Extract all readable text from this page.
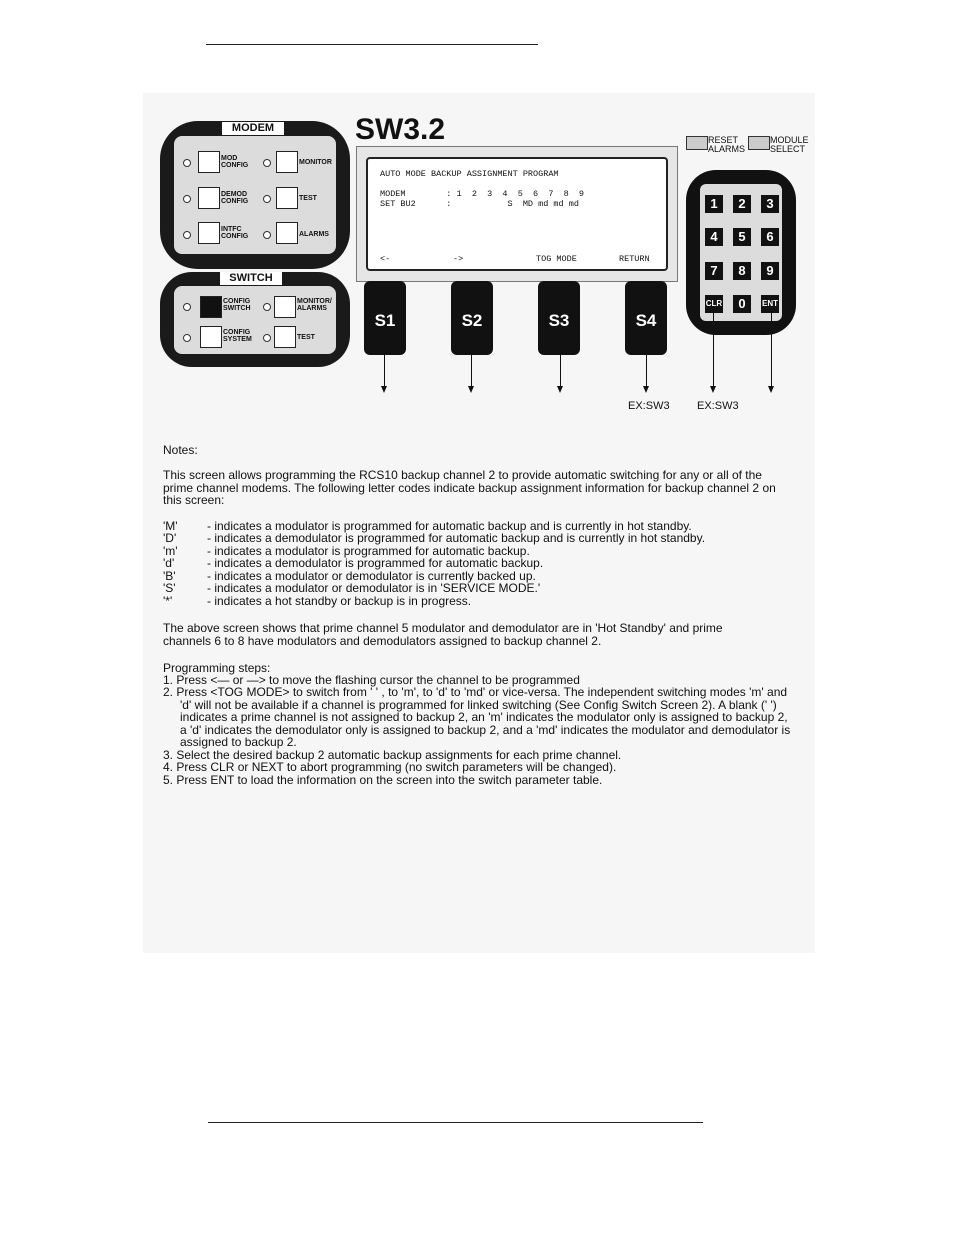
MODEM
MOD CONFIG	MONITOR
DEMOD CONFIG	TEST
INTFC CONFIG	ALARMS
SWITCH
CONFIG SWITCH
MONITOR/ ALARMS
CONFIG SYSTEM	TEST
SW3.2
AUTO MODE BACKUP ASSIGNMENT PROGRAM
MODEM        : 1  2  3  4  5  6  7  8  9
SET BU2      :           S  MD md md md
<-	->	TOG MODE	RETURN
S1	S2	S3	S4
EX:SW3
RESET ALARMS
MODULE SELECT
1	2	3
4	5	6
7	8	9
CLR	0	ENT
EX:SW3
Notes:
This screen allows programming the RCS10 backup channel 2 to provide automatic switching for any or all of the prime channel modems. The following letter codes indicate backup assignment information for backup channel 2 on this screen:
'M' - indicates a modulator is programmed for automatic backup and is currently in hot standby.
'D'	- indicates a demodulator is programmed for automatic backup and is currently in hot standby.
'm' - indicates a modulator is programmed for automatic backup.
'd'	- indicates a demodulator is programmed for automatic backup.
'B'	- indicates a modulator or demodulator is currently backed up.
'S'	- indicates a modulator or demodulator is in 'SERVICE MODE.'
'*'	- indicates a hot standby or backup is in progress.
The above screen shows that prime channel 5 modulator and demodulator are in 'Hot Standby' and prime channels 6 to 8 have modulators and demodulators assigned to backup channel 2.
Programming steps:
1. Press <— or —> to move the flashing cursor the channel to be programmed
2. Press <TOG MODE> to switch from ' ' , to 'm', to 'd' to 'md' or vice-versa. The independent switching modes 'm' and 'd' will not be available if a channel is programmed for linked switching (See Config Switch Screen 2). A blank (' ') indicates a prime channel is not assigned to backup 2, an 'm' indicates the modulator only is assigned to backup 2, a 'd' indicates the demodulator only is assigned to backup 2, and a 'md' indicates the modulator and demodulator is assigned to backup 2.
3. Select the desired backup 2 automatic backup assignments for each prime channel.
4. Press CLR or NEXT to abort programming (no switch parameters will be changed).
5. Press ENT to load the information on the screen into the switch parameter table.
